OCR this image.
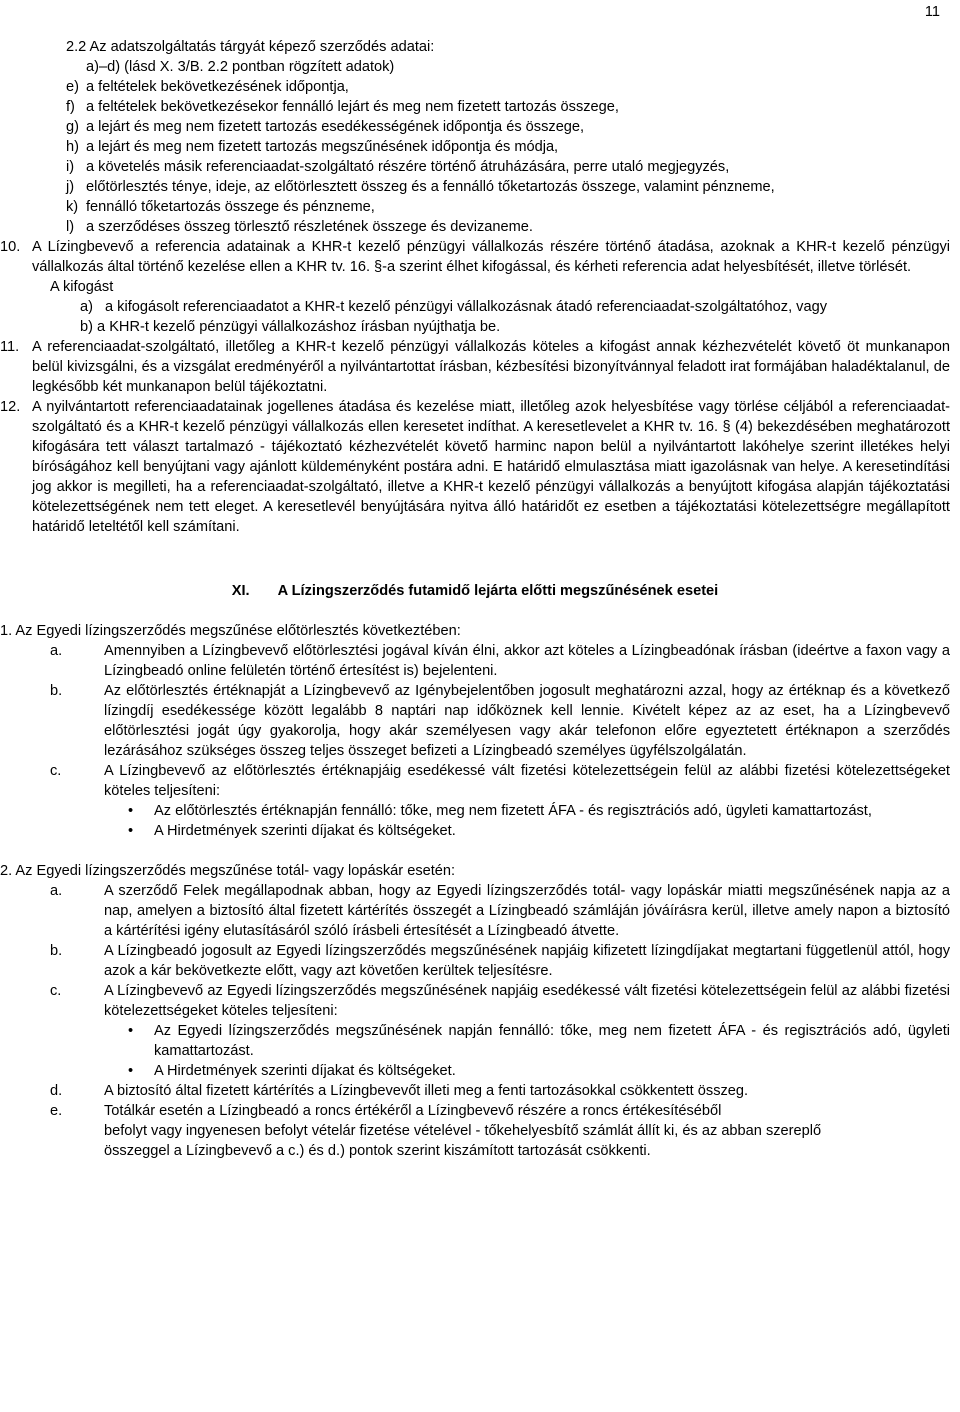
11

2.2 Az adatszolgáltatás tárgyát képező szerződés adatai:

a)–d) (lásd X. 3/B. 2.2 pontban rögzített adatok)

e) a feltételek bekövetkezésének időpontja,
f) a feltételek bekövetkezésekor fennálló lejárt és meg nem fizetett tartozás összege,
g) a lejárt és meg nem fizetett tartozás esedékességének időpontja és összege,
h) a lejárt és meg nem fizetett tartozás megszűnésének időpontja és módja,
i) a követelés másik referenciaadat-szolgáltató részére történő átruházására, perre utaló megjegyzés,
j) előtörlesztés ténye, ideje, az előtörlesztett összeg és a fennálló tőketartozás összege, valamint pénzneme,
k) fennálló tőketartozás összege és pénzneme,
l) a szerződéses összeg törlesztő részletének összege és devizaneme.
10. A Lízingbevevő a referencia adatainak a KHR-t kezelő pénzügyi vállalkozás részére történő átadása, azoknak a KHR-t kezelő pénzügyi vállalkozás által történő kezelése ellen a KHR tv. 16. §-a szerint élhet kifogással, és kérheti referencia adat helyesbítését, illetve törlését.

A kifogást

a) a kifogásolt referenciaadatot a KHR-t kezelő pénzügyi vállalkozásnak átadó referenciaadat-szolgáltatóhoz, vagy

b) a KHR-t kezelő pénzügyi vállalkozáshoz írásban nyújthatja be.

11. A referenciaadat-szolgáltató, illetőleg a KHR-t kezelő pénzügyi vállalkozás köteles a kifogást annak kézhezvételét követő öt munkanapon belül kivizsgálni, és a vizsgálat eredményéről a nyilvántartottat írásban, kézbesítési bizonyítvánnyal feladott irat formájában haladéktalanul, de legkésőbb két munkanapon belül tájékoztatni.
12. A nyilvántartott referenciaadatainak jogellenes átadása és kezelése miatt, illetőleg azok helyesbítése vagy törlése céljából a referenciaadat-szolgáltató és a KHR-t kezelő pénzügyi vállalkozás ellen keresetet indíthat. A keresetlevelet a KHR tv. 16. § (4) bekezdésében meghatározott kifogására tett választ tartalmazó - tájékoztató kézhezvételét követő harminc napon belül a nyilvántartott lakóhelye szerint illetékes helyi bíróságához kell benyújtani vagy ajánlott küldeményként postára adni. E határidő elmulasztása miatt igazolásnak van helye. A keresetindítási jog akkor is megilleti, ha a referenciaadat-szolgáltató, illetve a KHR-t kezelő pénzügyi vállalkozás a benyújtott kifogása alapján tájékoztatási kötelezettségének nem tett eleget. A keresetlevél benyújtására nyitva álló határidőt ez esetben a tájékoztatási kötelezettségre megállapított határidő leteltétől kell számítani.
XI. A Lízingszerződés futamidő lejárta előtti megszűnésének esetei

1. Az Egyedi lízingszerződés megszűnése előtörlesztés következtében:

a.	Amennyiben a Lízingbevevő előtörlesztési jogával kíván élni, akkor azt köteles a Lízingbeadónak írásban (ideértve a faxon vagy a Lízingbeadó online felületén történő értesítést is) bejelenteni.
b.	Az előtörlesztés értéknapját a Lízingbevevő az Igénybejelentőben jogosult meghatározni azzal, hogy az értéknap és a következő lízingdíj esedékessége között legalább 8 naptári nap időköznek kell lennie. Kivételt képez az az eset, ha a Lízingbevevő előtörlesztési jogát úgy gyakorolja, hogy akár személyesen vagy akár telefonon előre egyeztetett értéknapon a szerződés lezárásához szükséges összeg teljes összeget befizeti a Lízingbeadó személyes ügyfélszolgálatán.
c.	A Lízingbevevő az előtörlesztés értéknapjáig esedékessé vált fizetési kötelezettségein felül az alábbi fizetési kötelezettségeket köteles teljesíteni:
•	Az előtörlesztés értéknapján fennálló: tőke, meg nem fizetett ÁFA - és regisztrációs adó, ügyleti kamattartozást,
•	A Hirdetmények szerinti díjakat és költségeket.

2. Az Egyedi lízingszerződés megszűnése totál- vagy lopáskár esetén:

a.	A szerződő Felek megállapodnak abban, hogy az Egyedi lízingszerződés totál- vagy lopáskár miatti megszűnésének napja az a nap, amelyen a biztosító által fizetett kártérítés összegét a Lízingbeadó számláján jóváírásra kerül, illetve amely napon a biztosító a kártérítési igény elutasításáról szóló írásbeli értesítését a Lízingbeadó átvette.
b.	A Lízingbeadó jogosult az Egyedi lízingszerződés megszűnésének napjáig kifizetett lízingdíjakat megtartani függetlenül attól, hogy azok a kár bekövetkezte előtt, vagy azt követően kerültek teljesítésre.
c.	A Lízingbevevő az Egyedi lízingszerződés megszűnésének napjáig esedékessé vált fizetési kötelezettségein felül az alábbi fizetési kötelezettségeket köteles teljesíteni:
•	Az Egyedi lízingszerződés megszűnésének napján fennálló: tőke, meg nem fizetett ÁFA - és regisztrációs adó, ügyleti kamattartozást.
•	A Hirdetmények szerinti díjakat és költségeket.
d.	A biztosító által fizetett kártérítés a Lízingbevevőt illeti meg a fenti tartozásokkal csökkentett összeg.
e.	Totálkár esetén a Lízingbeadó a roncs értékéről a Lízingbevevő részére a roncs értékesítéséből
befolyt vagy ingyenesen befolyt vételár fizetése vételével - tőkehelyesbítő számlát állít ki, és az abban szereplő
összeggel a Lízingbevevő a c.) és d.) pontok szerint kiszámított tartozását csökkenti.
